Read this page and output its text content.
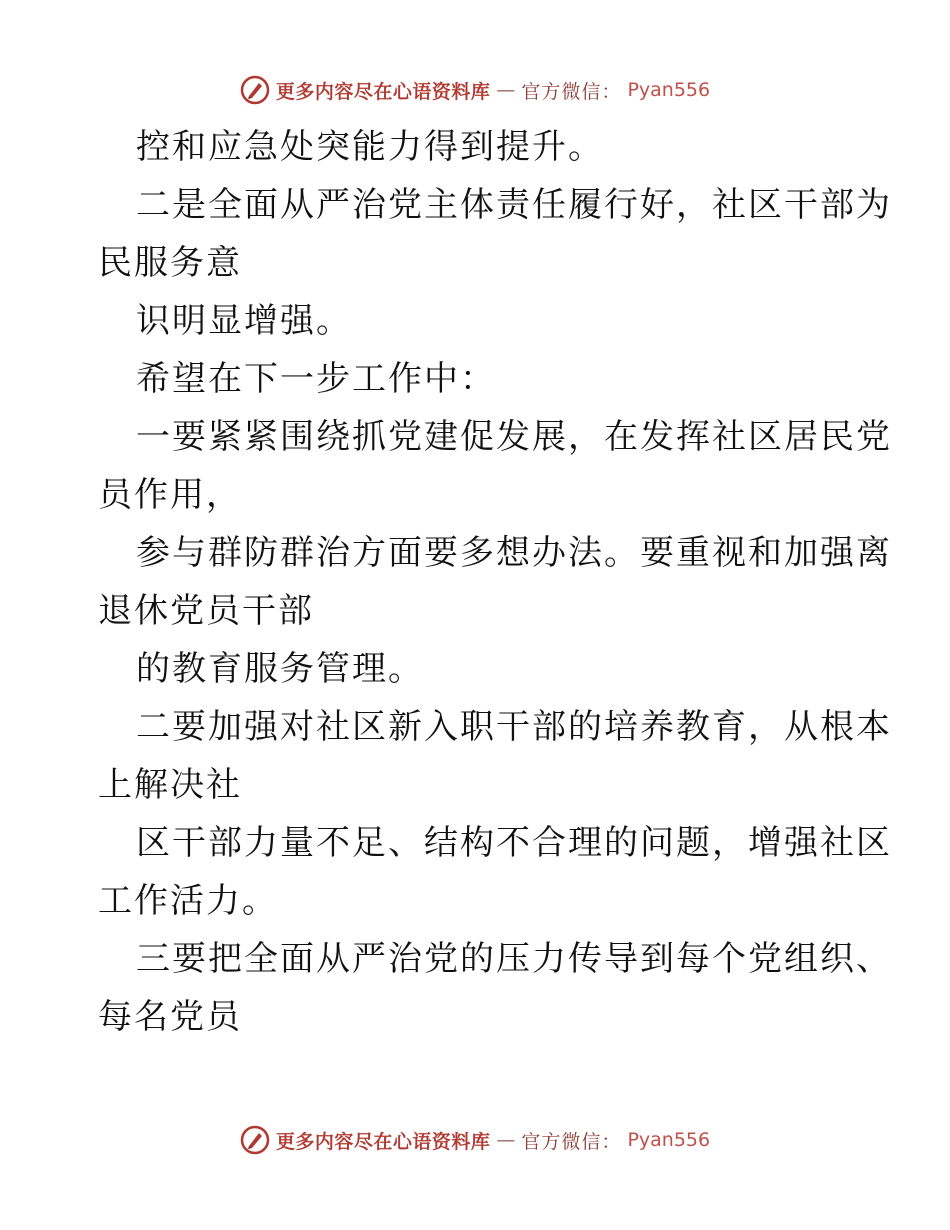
更多内容尽在心语资料库 — 官方微信： Pyan556
控和应急处突能力得到提升。
二是全面从严治党主体责任履行好，社区干部为
民服务意
识明显增强。
希望在下一步工作中：
一要紧紧围绕抓党建促发展，在发挥社区居民党
员作用，
参与群防群治方面要多想办法。要重视和加强离
退休党员干部
的教育服务管理。
二要加强对社区新入职干部的培养教育，从根本
上解决社
区干部力量不足、结构不合理的问题，增强社区
工作活力。
三要把全面从严治党的压力传导到每个党组织、
每名党员
更多内容尽在心语资料库 — 官方微信： Pyan556
